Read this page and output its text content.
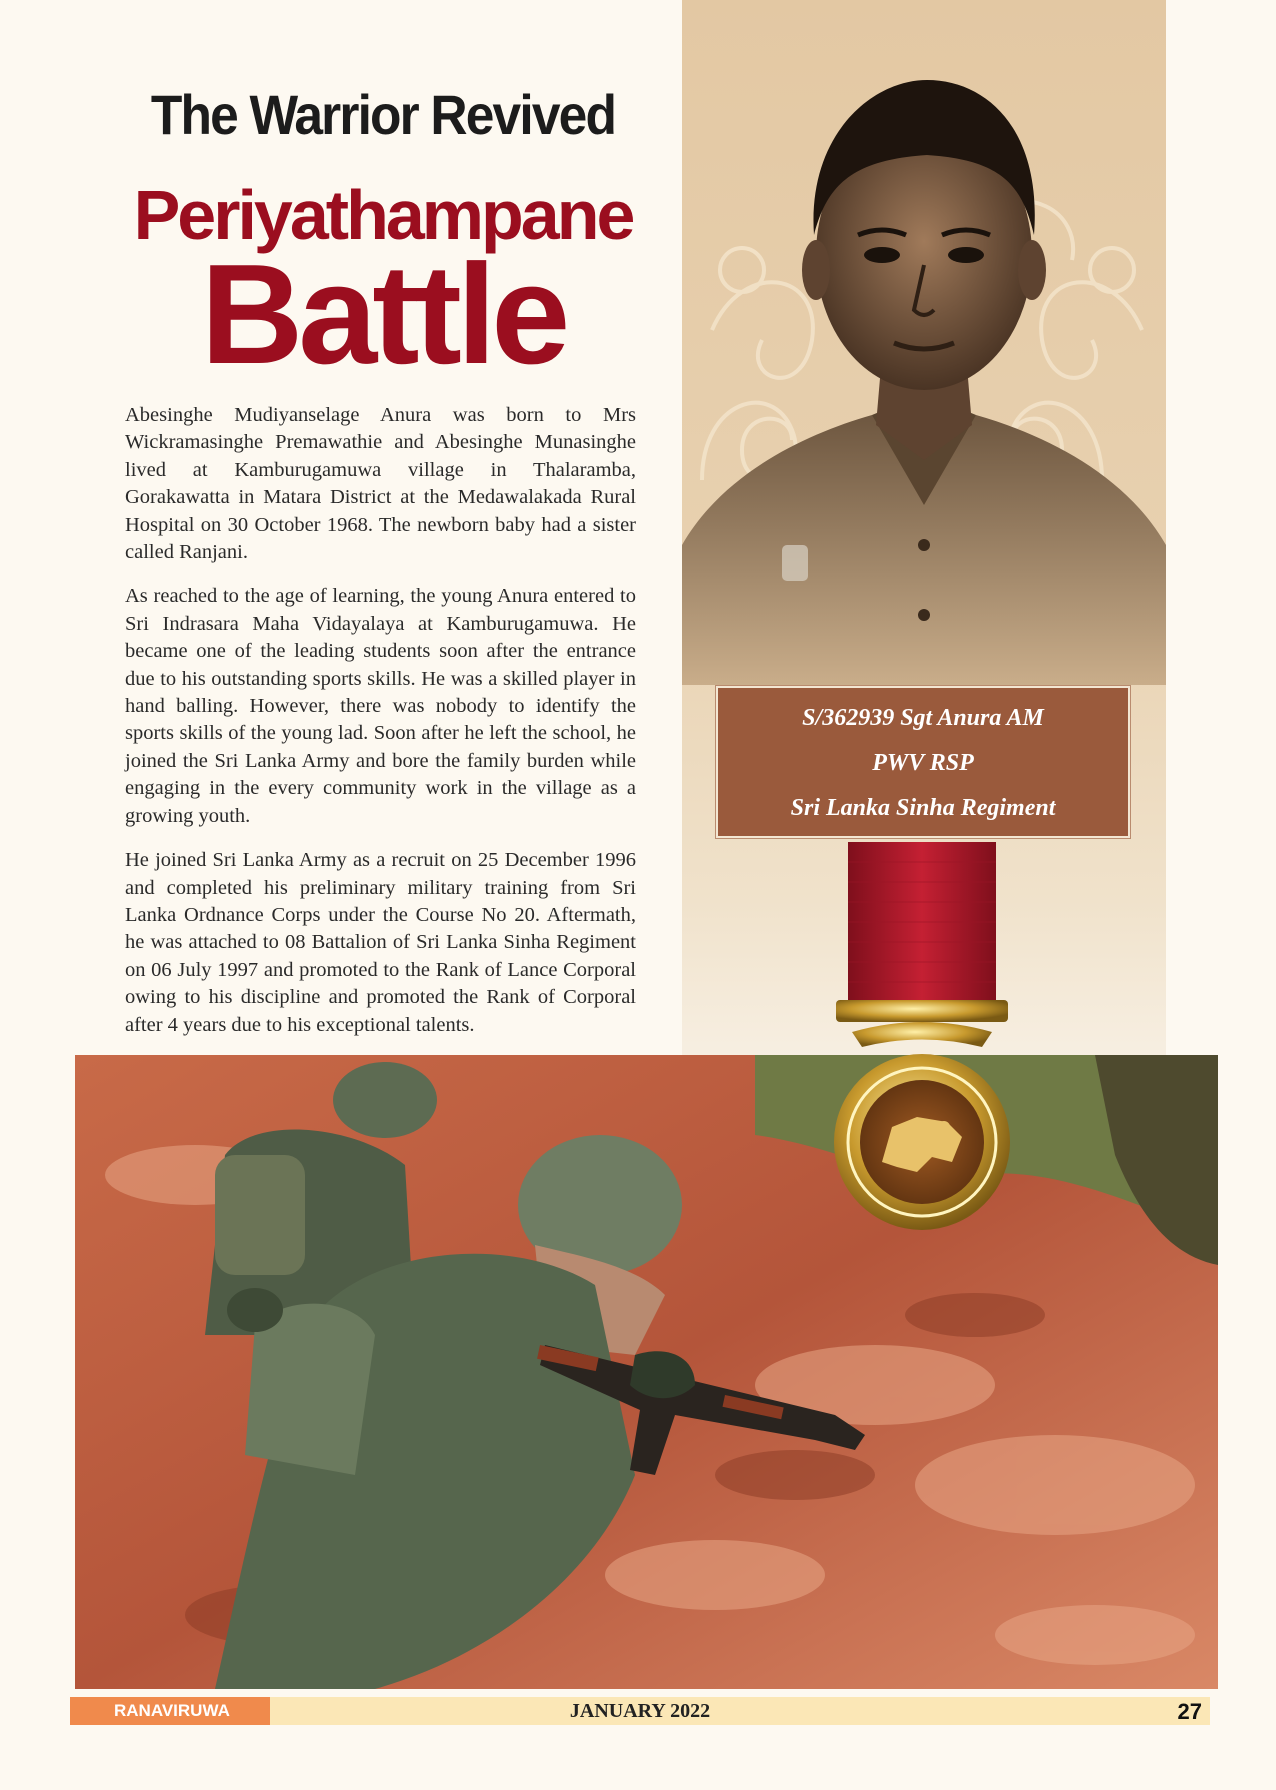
The Warrior Revived
Periyathampane
Battle

Abesinghe Mudiyanselage Anura was born to Mrs Wickramasinghe Premawathie and Abesinghe Munasinghe lived at Kamburugamuwa village in Thalaramba, Gorakawatta in Matara District at the Medawalakada Rural Hospital on 30 October 1968. The newborn baby had a sister called Ranjani.

As reached to the age of learning, the young Anura entered to Sri Indrasara Maha Vidayalaya at Kamburugamuwa. He became one of the leading students soon after the entrance due to his outstanding sports skills. He was a skilled player in hand balling. However, there was nobody to identify the sports skills of the young lad. Soon after he left the school, he joined the Sri Lanka Army and bore the family burden while engaging in the every community work in the village as a growing youth.

He joined Sri Lanka Army as a recruit on 25 December 1996 and completed his preliminary military training from Sri Lanka Ordnance Corps under the Course No 20. Aftermath, he was attached to 08 Battalion of Sri Lanka Sinha Regiment on 06 July 1997 and promoted to the Rank of Lance Corporal owing to his discipline and promoted the Rank of Corporal after 4 years due to his exceptional talents.

S/362939 Sgt Anura AM
PWV RSP
Sri Lanka Sinha Regiment
RANAVIRUWA	JANUARY 2022	27
